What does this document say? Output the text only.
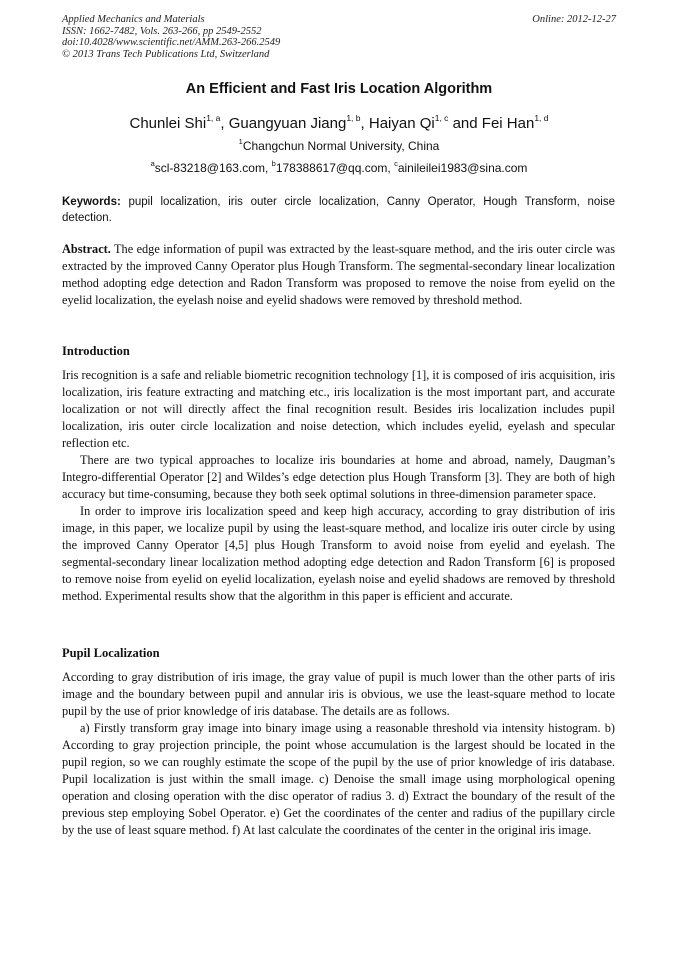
Applied Mechanics and Materials
ISSN: 1662-7482, Vols. 263-266, pp 2549-2552
doi:10.4028/www.scientific.net/AMM.263-266.2549
© 2013 Trans Tech Publications Ltd, Switzerland
Online: 2012-12-27
An Efficient and Fast Iris Location Algorithm
Chunlei Shi$^{1, a}$, Guangyuan Jiang$^{1, b}$, Haiyan Qi$^{1, c}$ and Fei Han$^{1, d}$
$^1$Changchun Normal University, China
$^a$scl-83218@163.com, $^b$178388617@qq.com, $^c$ainileilei1983@sina.com
Keywords: pupil localization, iris outer circle localization, Canny Operator, Hough Transform, noise detection.

Abstract. The edge information of pupil was extracted by the least-square method, and the iris outer circle was extracted by the improved Canny Operator plus Hough Transform. The segmental-secondary linear localization method adopting edge detection and Radon Transform was proposed to remove the noise from eyelid on the eyelid localization, the eyelash noise and eyelid shadows were removed by threshold method.

Introduction

Iris recognition is a safe and reliable biometric recognition technology [1], it is composed of iris acquisition, iris localization, iris feature extracting and matching etc., iris localization is the most important part, and accurate localization or not will directly affect the final recognition result. Besides iris localization includes pupil localization, iris outer circle localization and noise detection, which includes eyelid, eyelash and specular reflection etc.

There are two typical approaches to localize iris boundaries at home and abroad, namely, Daugman’s Integro-differential Operator [2] and Wildes’s edge detection plus Hough Transform [3]. They are both of high accuracy but time-consuming, because they both seek optimal solutions in three-dimension parameter space.

In order to improve iris localization speed and keep high accuracy, according to gray distribution of iris image, in this paper, we localize pupil by using the least-square method, and localize iris outer circle by using the improved Canny Operator [4,5] plus Hough Transform to avoid noise from eyelid and eyelash. The segmental-secondary linear localization method adopting edge detection and Radon Transform [6] is proposed to remove noise from eyelid on eyelid localization, eyelash noise and eyelid shadows are removed by threshold method. Experimental results show that the algorithm in this paper is efficient and accurate.

Pupil Localization

According to gray distribution of iris image, the gray value of pupil is much lower than the other parts of iris image and the boundary between pupil and annular iris is obvious, we use the least-square method to locate pupil by the use of prior knowledge of iris database. The details are as follows.

a) Firstly transform gray image into binary image using a reasonable threshold via intensity histogram. b) According to gray projection principle, the point whose accumulation is the largest should be located in the pupil region, so we can roughly estimate the scope of the pupil by the use of prior knowledge of iris database. Pupil localization is just within the small image. c) Denoise the small image using morphological opening operation and closing operation with the disc operator of radius 3. d) Extract the boundary of the result of the previous step employing Sobel Operator. e) Get the coordinates of the center and radius of the pupillary circle by the use of least square method. f) At last calculate the coordinates of the center in the original iris image.
